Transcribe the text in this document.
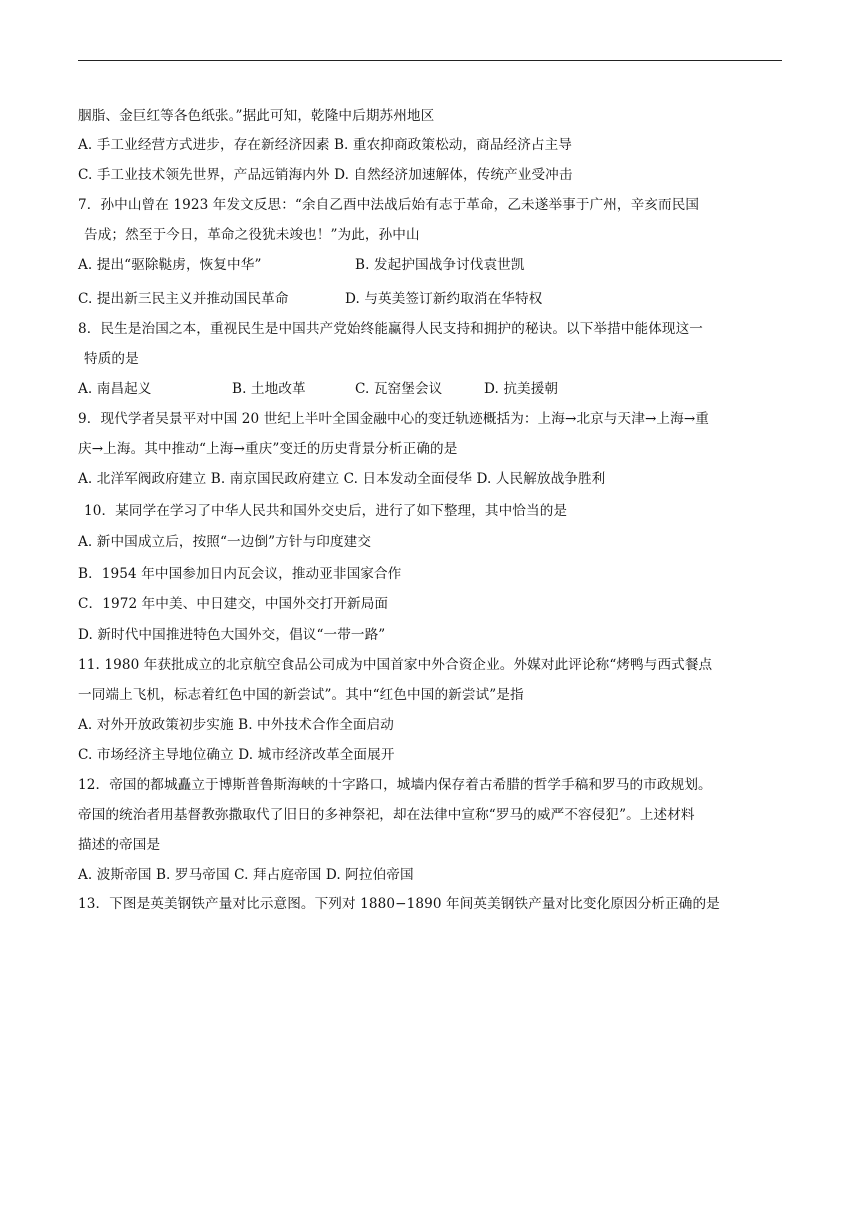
胭脂、金巨红等各色纸张。”据此可知，乾隆中后期苏州地区
A. 手工业经营方式进步，存在新经济因素 B. 重农抑商政策松动，商品经济占主导
C. 手工业技术领先世界，产品远销海内外 D. 自然经济加速解体，传统产业受冲击
7．孙中山曾在 1923 年发文反思：“余自乙酉中法战后始有志于革命，乙未遂举事于广州，辛亥而民国
告成；然至于今日，革命之役犹未竣也！”为此，孙中山
A. 提出“驱除鞑虏，恢复中华”	B. 发起护国战争讨伐袁世凯
C. 提出新三民主义并推动国民革命	D. 与英美签订新约取消在华特权
8．民生是治国之本，重视民生是中国共产党始终能赢得人民支持和拥护的秘诀。以下举措中能体现这一
特质的是
A. 南昌起义	B. 土地改革	C. 瓦窑堡会议	D. 抗美援朝
9．现代学者吴景平对中国 20 世纪上半叶全国金融中心的变迁轨迹概括为：上海→北京与天津→上海→重
庆→上海。其中推动“上海→重庆”变迁的历史背景分析正确的是
A. 北洋军阀政府建立 B. 南京国民政府建立 C. 日本发动全面侵华 D. 人民解放战争胜利
10．某同学在学习了中华人民共和国外交史后，进行了如下整理，其中恰当的是
A. 新中国成立后，按照“一边倒”方针与印度建交
B．1954 年中国参加日内瓦会议，推动亚非国家合作
C．1972 年中美、中日建交，中国外交打开新局面
D. 新时代中国推进特色大国外交，倡议“一带一路”
11. 1980 年获批成立的北京航空食品公司成为中国首家中外合资企业。外媒对此评论称“烤鸭与西式餐点
一同端上飞机，标志着红色中国的新尝试”。其中“红色中国的新尝试”是指
A. 对外开放政策初步实施 B. 中外技术合作全面启动
C. 市场经济主导地位确立 D. 城市经济改革全面展开
12．帝国的都城矗立于博斯普鲁斯海峡的十字路口，城墙内保存着古希腊的哲学手稿和罗马的市政规划。
帝国的统治者用基督教弥撒取代了旧日的多神祭祀，却在法律中宣称“罗马的威严不容侵犯”。上述材料
描述的帝国是
A. 波斯帝国 B. 罗马帝国 C. 拜占庭帝国 D. 阿拉伯帝国
13．下图是英美钢铁产量对比示意图。下列对 1880−1890 年间英美钢铁产量对比变化原因分析正确的是
